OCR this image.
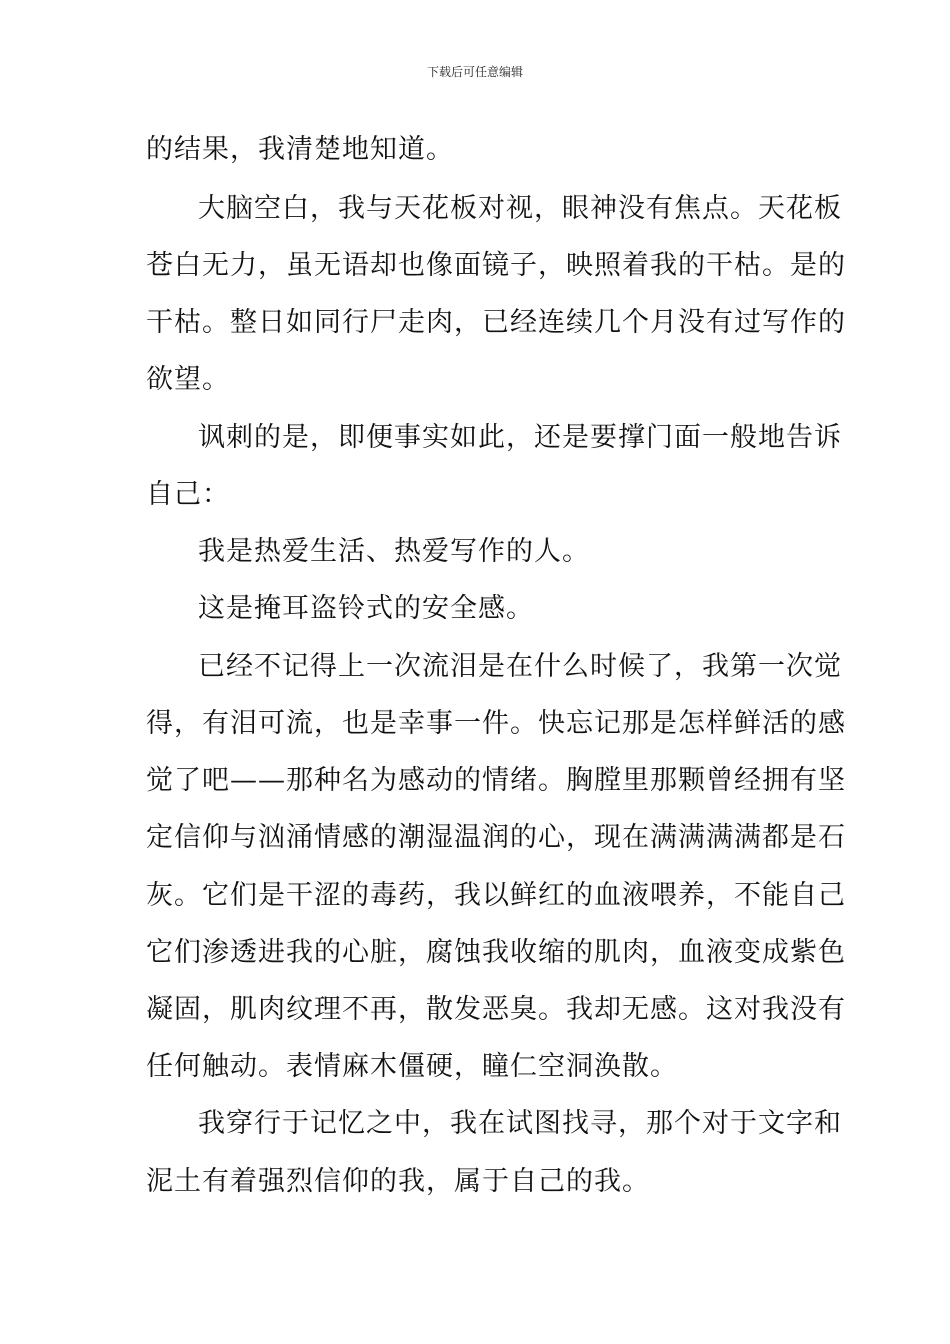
下载后可任意编辑
的结果，我清楚地知道。
大脑空白，我与天花板对视，眼神没有焦点。天花板
苍白无力，虽无语却也像面镜子，映照着我的干枯。是的
干枯。整日如同行尸走肉，已经连续几个月没有过写作的
欲望。
讽刺的是，即便事实如此，还是要撑门面一般地告诉
自己：
我是热爱生活、热爱写作的人。
这是掩耳盗铃式的安全感。
已经不记得上一次流泪是在什么时候了，我第一次觉
得，有泪可流，也是幸事一件。快忘记那是怎样鲜活的感
觉了吧——那种名为感动的情绪。胸膛里那颗曾经拥有坚
定信仰与汹涌情感的潮湿温润的心，现在满满满满都是石
灰。它们是干涩的毒药，我以鲜红的血液喂养，不能自己
它们渗透进我的心脏，腐蚀我收缩的肌肉，血液变成紫色
凝固，肌肉纹理不再，散发恶臭。我却无感。这对我没有
任何触动。表情麻木僵硬，瞳仁空洞涣散。
我穿行于记忆之中，我在试图找寻，那个对于文字和
泥土有着强烈信仰的我，属于自己的我。
